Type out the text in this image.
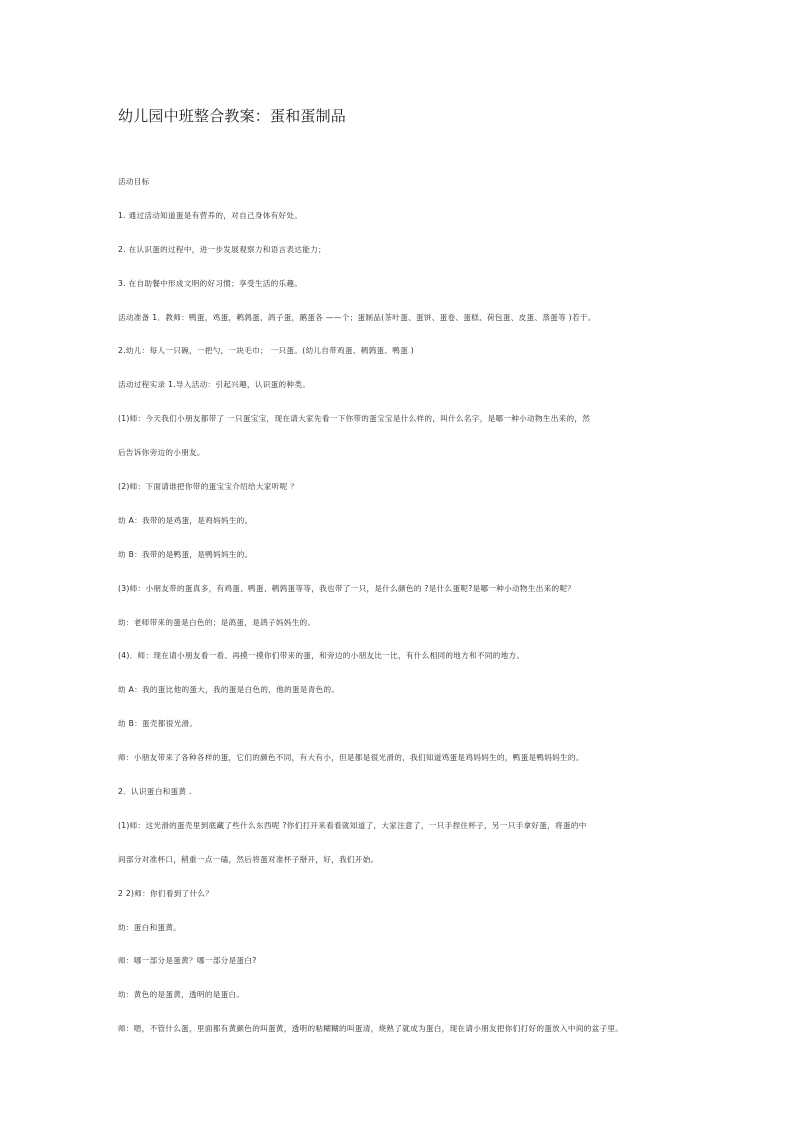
幼儿园中班整合教案：蛋和蛋制品
活动目标
1. 通过活动知道蛋是有营养的，对自己身体有好处。
2. 在认识蛋的过程中，进一步发展观察力和语言表达能力；
3. 在自助餐中形成文明的好习惯；享受生活的乐趣。
活动准备 1．教师：鸭蛋，鸡蛋，鹌鹑蛋，鸽子蛋，鹅蛋各 ——个；蛋制品(茶叶蛋、蛋饼、蛋卷、蛋糕、荷包蛋、皮蛋、蒸蛋等 )若干。
2.幼儿：每人一只碗，一把勺，一块毛巾； 一只蛋。(幼儿自带鸡蛋、鹌鹑蛋、鸭蛋 )
活动过程实录 1.导入活动：引起兴趣，认识蛋的种类。
(1)师：今天我们小朋友都带了 一只蛋宝宝，现在请大家先看一下你带的蛋宝宝是什么样的，叫什么名字，是哪一种小动物生出来的，然
后告诉你旁边的小朋友。
(2)师：下面请谁把你带的蛋宝宝介绍给大家听呢 ？
幼 A：我带的是鸡蛋，是鸡妈妈生的。
幼 B：我带的是鸭蛋，是鸭妈妈生的。
(3)师：小朋友带的蛋真多，有鸡蛋、鸭蛋、鹌鹑蛋等等，我也带了一只，是什么颜色的 ?是什么蛋呢?是哪一种小动物生出来的呢？
幼：老师带来的蛋是白色的；是鸽蛋，是鸽子妈妈生的。
(4)．师：现在请小朋友看一看、再摸一摸你们带来的蛋，和旁边的小朋友比一比，有什么相同的地方和不同的地方。
幼 A：我的蛋比他的蛋大，我的蛋是白色的，他的蛋是青色的。
幼 B：蛋壳都很光滑。
师：小朋友带来了各种各样的蛋，它们的颜色不同，有大有小，但是都是很光滑的，我们知道鸡蛋是鸡妈妈生的，鸭蛋是鸭妈妈生的。
2．认识蛋白和蛋黄 .
(1)师：这光滑的蛋壳里到底藏了些什么东西呢 ?你们打开来看看就知道了，大家注意了，一只手捏住杯子，另一只手拿好蛋，将蛋的中
间部分对准杯口，稍重一点一磕，然后将蛋对准杯子掰开，好，我们开始。
2 2)师：你们看到了什么？
幼：蛋白和蛋黄。
师：哪一部分是蛋黄？哪一部分是蛋白?
幼：黄色的是蛋黄，透明的是蛋白。
师：嗯，不管什么蛋，里面都有黄颜色的叫蛋黄，透明的粘糊糊的叫蛋清，烧熟了就成为蛋白，现在请小朋友把你们打好的蛋放入中间的盆子里。
